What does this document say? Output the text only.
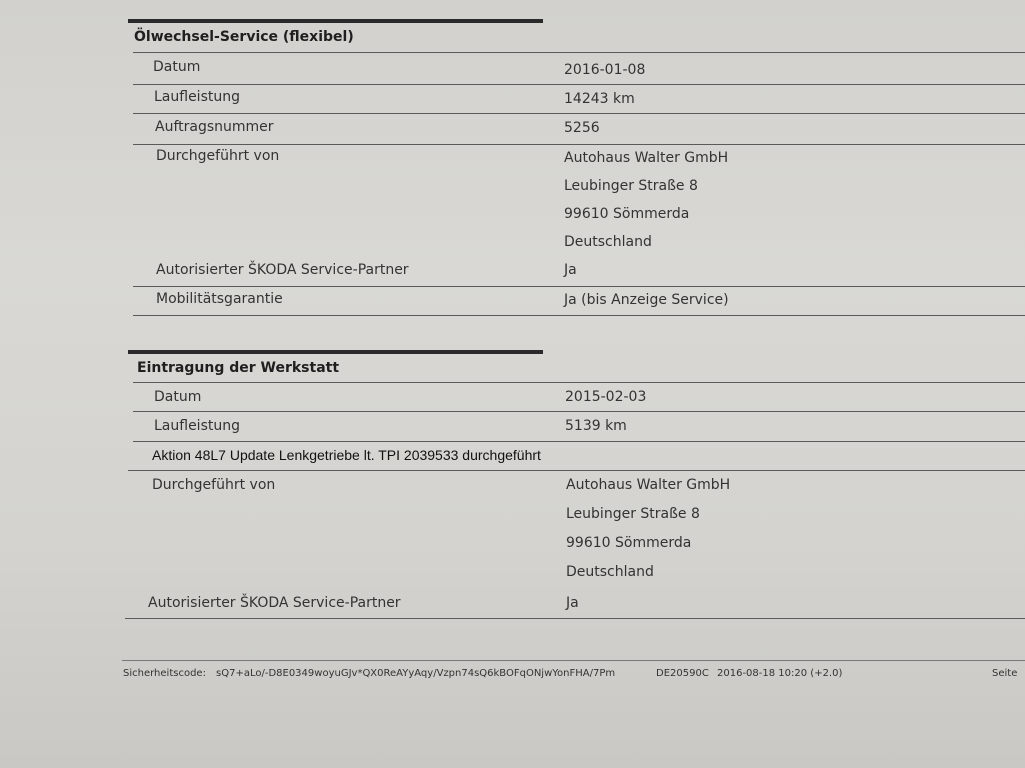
Ölwechsel-Service (flexibel)
Datum	2016-01-08
Laufleistung	14243 km
Auftragsnummer	5256
Durchgeführt von	Autohaus Walter GmbH
Leubinger Straße 8
99610 Sömmerda
Deutschland
Autorisierter ŠKODA Service-Partner	Ja
Mobilitätsgarantie	Ja (bis Anzeige Service)
Eintragung der Werkstatt
Datum	2015-02-03
Laufleistung	5139 km
Aktion 48L7 Update Lenkgetriebe lt. TPI 2039533 durchgeführt
Durchgeführt von	Autohaus Walter GmbH
Leubinger Straße 8
99610 Sömmerda
Deutschland
Autorisierter ŠKODA Service-Partner	Ja
Sicherheitscode: sQ7+aLo/-D8E0349woyuGJv*QX0ReAYyAqy/Vzpn74sQ6kBOFqONjwYonFHA/7Pm	DE20590C 2016-08-18 10:20 (+2.0)	Seite
